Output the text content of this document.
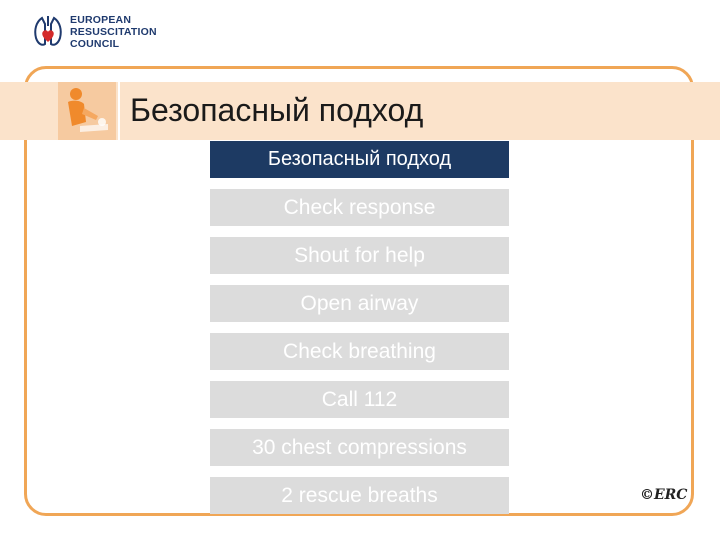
EUROPEAN
RESUSCITATION
COUNCIL
Безопасный подход
Безопасный подход
Check response
Shout for help
Open airway
Check breathing
Call 112
30 chest compressions
2 rescue breaths	©ERC
